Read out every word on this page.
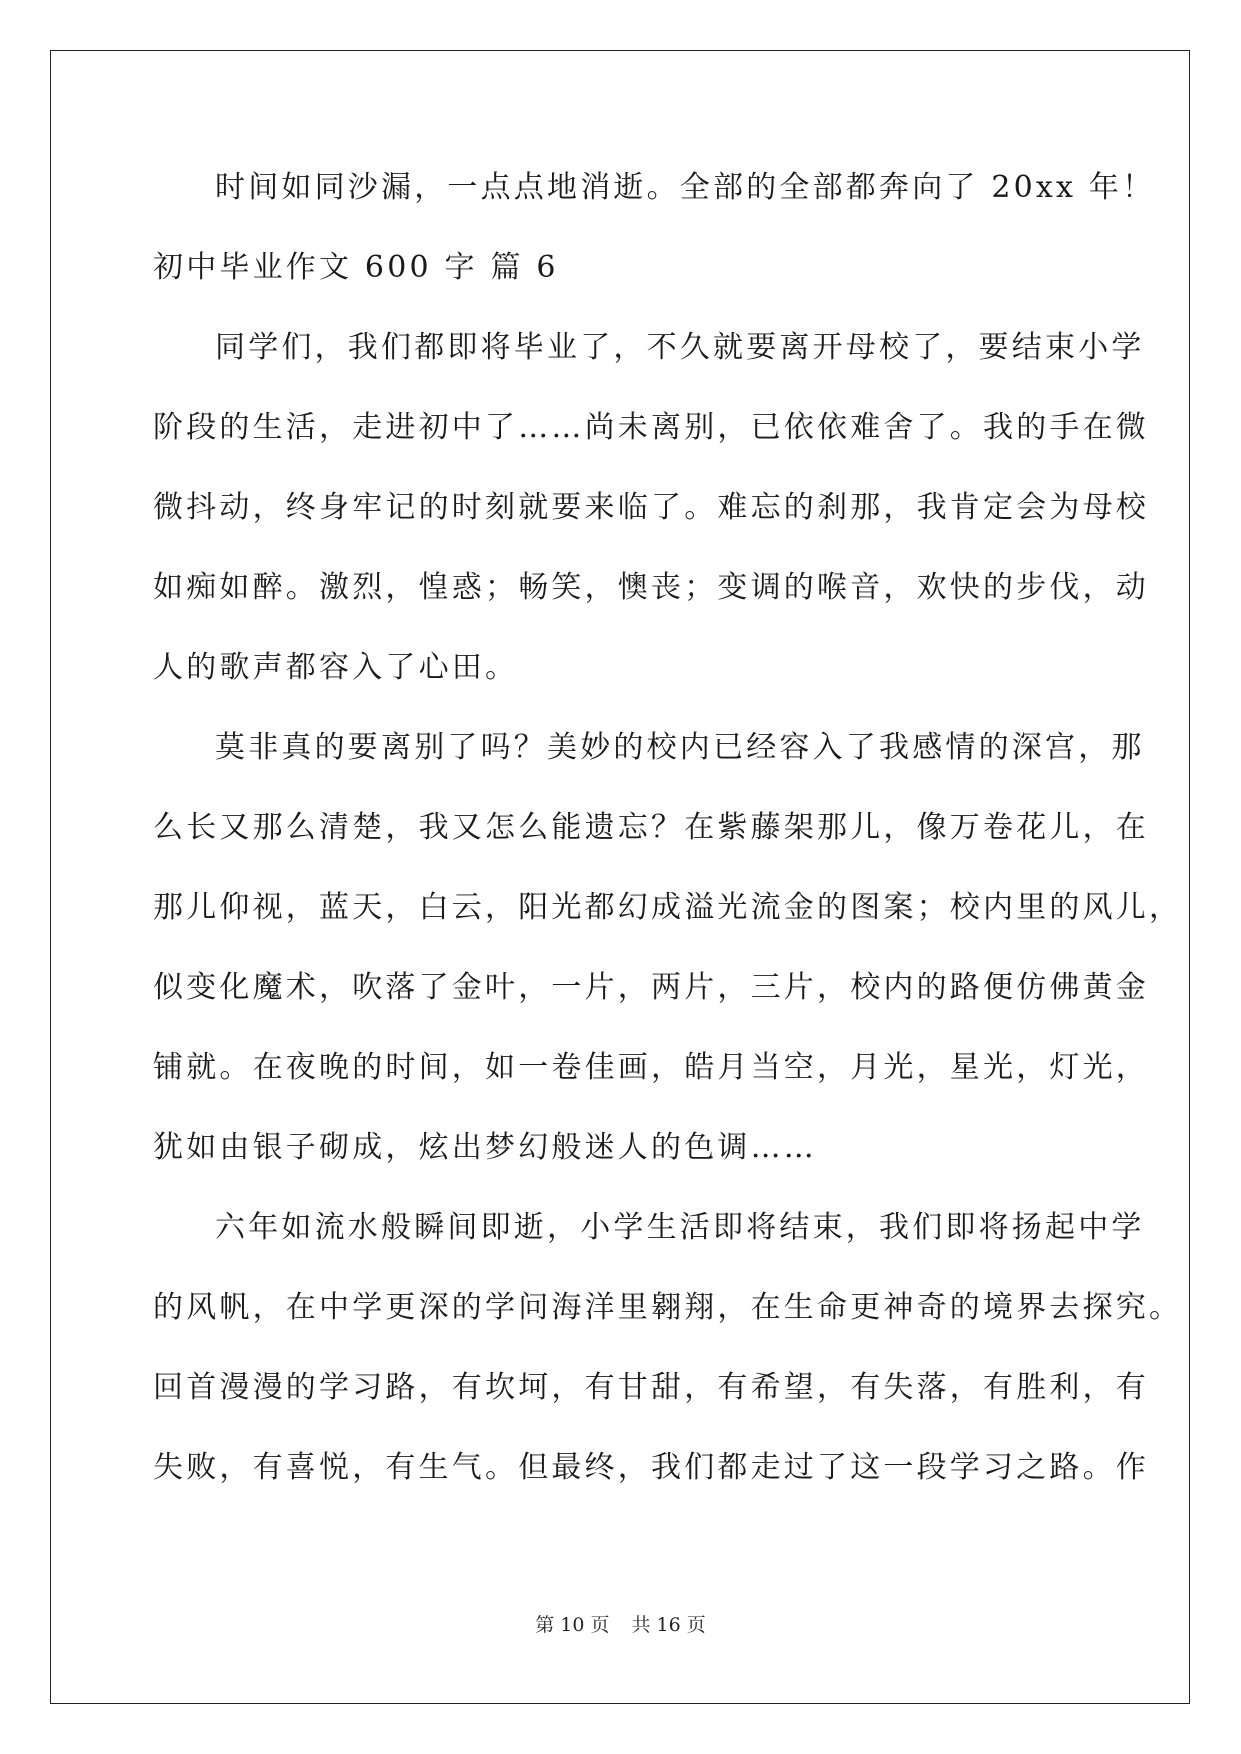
时间如同沙漏，一点点地消逝。全部的全部都奔向了 20xx 年！
初中毕业作文 600 字 篇 6
同学们，我们都即将毕业了，不久就要离开母校了，要结束小学
阶段的生活，走进初中了……尚未离别，已依依难舍了。我的手在微
微抖动，终身牢记的时刻就要来临了。难忘的刹那，我肯定会为母校
如痴如醉。激烈，惶惑；畅笑，懊丧；变调的喉音，欢快的步伐，动
人的歌声都容入了心田。
莫非真的要离别了吗？美妙的校内已经容入了我感情的深宫，那
么长又那么清楚，我又怎么能遗忘？在紫藤架那儿，像万卷花儿，在
那儿仰视，蓝天，白云，阳光都幻成溢光流金的图案；校内里的风儿，
似变化魔术，吹落了金叶，一片，两片，三片，校内的路便仿佛黄金
铺就。在夜晚的时间，如一卷佳画，皓月当空，月光，星光，灯光，
犹如由银子砌成，炫出梦幻般迷人的色调……
六年如流水般瞬间即逝，小学生活即将结束，我们即将扬起中学
的风帆，在中学更深的学问海洋里翱翔，在生命更神奇的境界去探究。
回首漫漫的学习路，有坎坷，有甘甜，有希望，有失落，有胜利，有
失败，有喜悦，有生气。但最终，我们都走过了这一段学习之路。作
第 10 页 共 16 页
